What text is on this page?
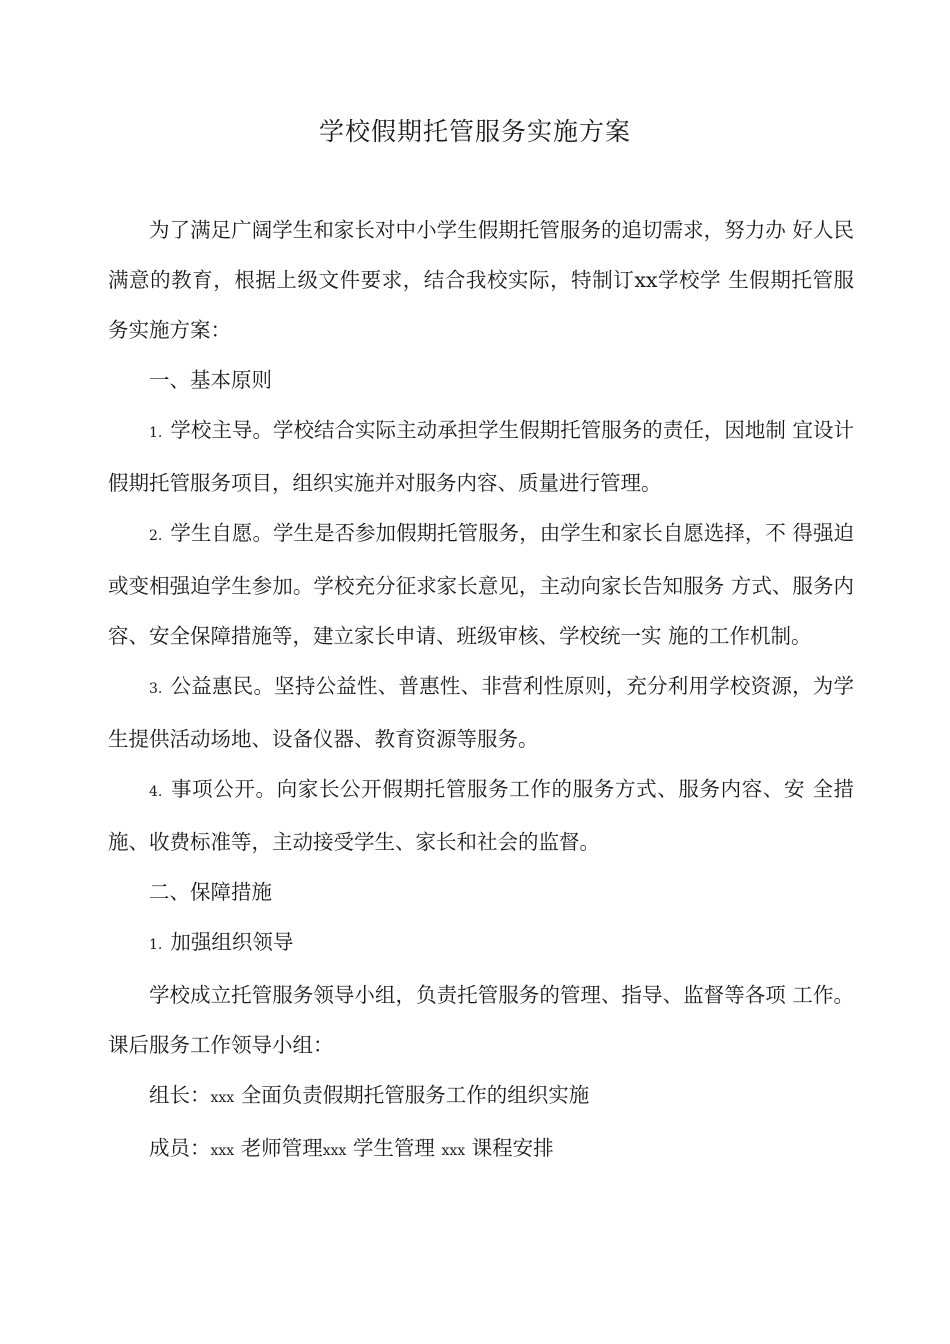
学校假期托管服务实施方案

为了满足广阔学生和家长对中小学生假期托管服务的追切需求，努力办 好人民满意的教育，根据上级文件要求，结合我校实际，特制订xx学校学 生假期托管服务实施方案：

一、基本原则

1. 学校主导。学校结合实际主动承担学生假期托管服务的责任，因地制 宜设计假期托管服务项目，组织实施并对服务内容、质量进行管理。

2. 学生自愿。学生是否参加假期托管服务，由学生和家长自愿选择，不 得强迫或变相强迫学生参加。学校充分征求家长意见，主动向家长告知服务 方式、服务内容、安全保障措施等，建立家长申请、班级审核、学校统一实 施的工作机制。

3. 公益惠民。坚持公益性、普惠性、非营利性原则，充分利用学校资源，为学生提供活动场地、设备仪器、教育资源等服务。

4. 事项公开。向家长公开假期托管服务工作的服务方式、服务内容、安 全措施、收费标准等，主动接受学生、家长和社会的监督。

二、保障措施

1. 加强组织领导

学校成立托管服务领导小组，负责托管服务的管理、指导、监督等各项 工作。课后服务工作领导小组：

组长：xxx 全面负责假期托管服务工作的组织实施

成员：xxx 老师管理xxx 学生管理 xxx 课程安排
